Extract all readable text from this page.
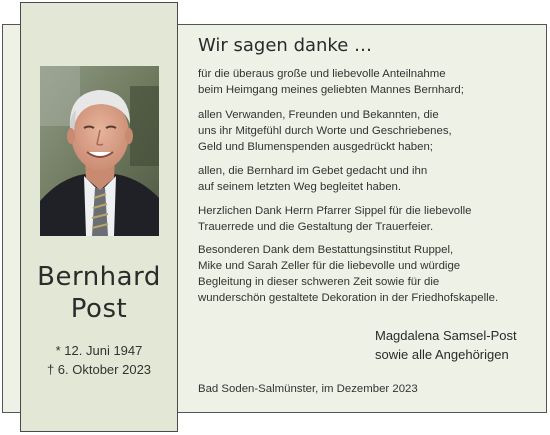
Bernhard
Post
* 12. Juni 1947
† 6. Oktober 2023
Wir sagen danke …
für die überaus große und liebevolle Anteilnahme
beim Heimgang meines geliebten Mannes Bernhard;
allen Verwanden, Freunden und Bekannten, die
uns ihr Mitgefühl durch Worte und Geschriebenes,
Geld und Blumenspenden ausgedrückt haben;
allen, die Bernhard im Gebet gedacht und ihn
auf seinem letzten Weg begleitet haben.
Herzlichen Dank Herrn Pfarrer Sippel für die liebevolle
Trauerrede und die Gestaltung der Trauerfeier.
Besonderen Dank dem Bestattungsinstitut Ruppel,
Mike und Sarah Zeller für die liebevolle und würdige
Begleitung in dieser schweren Zeit sowie für die
wunderschön gestaltete Dekoration in der Friedhofskapelle.
Magdalena Samsel-Post
sowie alle Angehörigen
Bad Soden-Salmünster, im Dezember 2023
